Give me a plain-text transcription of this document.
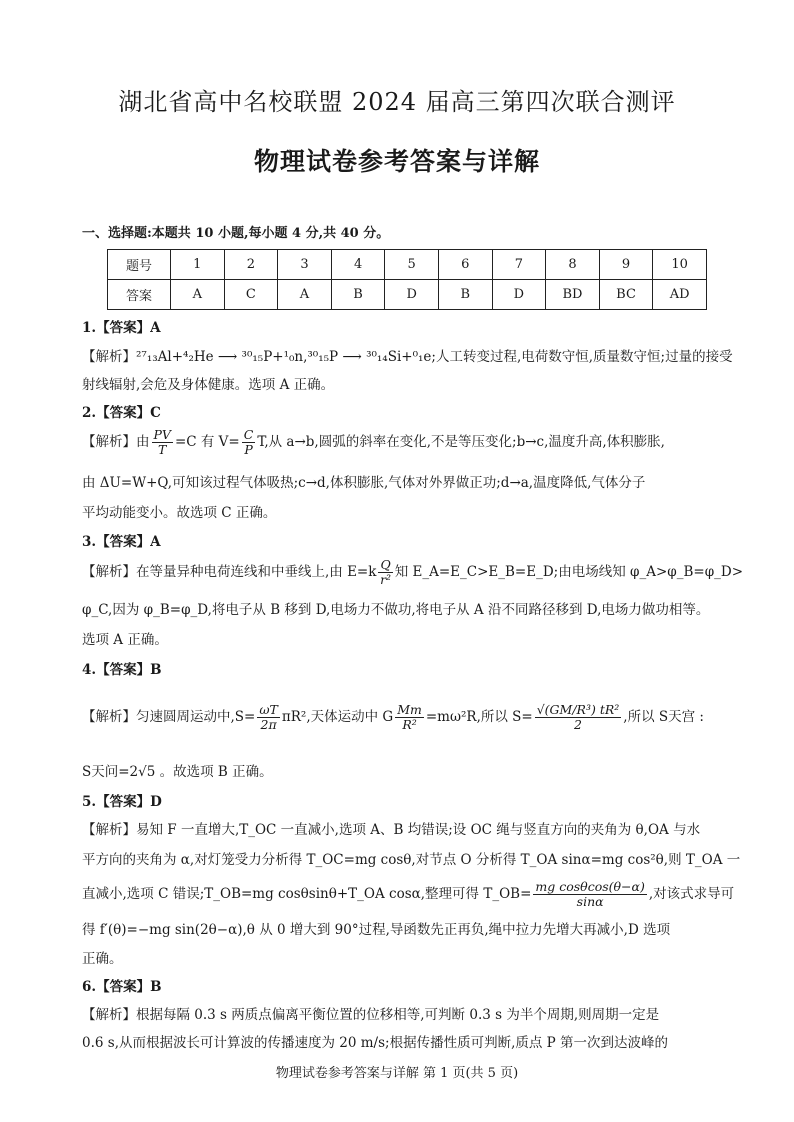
湖北省高中名校联盟 2024 届高三第四次联合测评
物理试卷参考答案与详解
一、选择题:本题共 10 小题,每小题 4 分,共 40 分。
题号	1	2	3	4	5	6	7	8	9	10
答案	A	C	A	B	D	B	D	BD	BC	AD
1.【答案】A
【解析】²⁷₁₃Al+⁴₂He ⟶ ³⁰₁₅P+¹₀n,³⁰₁₅P ⟶ ³⁰₁₄Si+⁰₁e;人工转变过程,电荷数守恒,质量数守恒;过量的接受
射线辐射,会危及身体健康。选项 A 正确。
2.【答案】C
【解析】由 $\frac{PV}{T} =C$ 有 $V= \frac{C}{P} T$,从 a→b,圆弧的斜率在变化,不是等压变化;b→c,温度升高,体积膨胀,
由 ΔU=W+Q,可知该过程气体吸热;c→d,体积膨胀,气体对外界做正功;d→a,温度降低,气体分子
平均动能变小。故选项 C 正确。
3.【答案】A
【解析】在等量异种电荷连线和中垂线上,由 $E=k \frac{Q}{\text{r²}}$ 知 E_A=E_C>E_B=E_D;由电场线知 φ_A>φ_B=φ_D>
φ_C,因为 φ_B=φ_D,将电子从 B 移到 D,电场力不做功,将电子从 A 沿不同路径移到 D,电场力做功相等。
选项 A 正确。
4.【答案】B
【解析】匀速圆周运动中$,S= \frac{\omega T}{2\pi} \pi R^2$,天体运动中 G $\frac{Mm}{\text{R²}} =m\omega^2R$,所以 $S= \frac{\text{√(GM/R³) tR²}}{2}$ ,所以 S天宫 :
S天问=2√5 。故选项 B 正确。
5.【答案】D
【解析】易知 F 一直增大,T_OC 一直减小,选项 A、B 均错误;设 OC 绳与竖直方向的夹角为 θ,OA 与水
平方向的夹角为 α,对灯笼受力分析得 T_OC=mg cosθ,对节点 O 分析得 T_OA sinα=mg cos²θ,则 T_OA 一
直减小,选项 C 错误;T_OB=mg cosθsinθ+T_OA cosα,整理可得 T_OB= $\frac{\text{mg cosθcos(θ−α)}}{\sin\alpha}$ ,对该式求导可
得 f′(θ)=−mg sin(2θ−α),θ 从 0 增大到 90°过程,导函数先正再负,绳中拉力先增大再减小,D 选项
正确。
6.【答案】B
【解析】根据每隔 0.3 s 两质点偏离平衡位置的位移相等,可判断 0.3 s 为半个周期,则周期一定是
0.6 s,从而根据波长可计算波的传播速度为 20 m/s;根据传播性质可判断,质点 P 第一次到达波峰的
物理试卷参考答案与详解 第 1 页(共 5 页)
